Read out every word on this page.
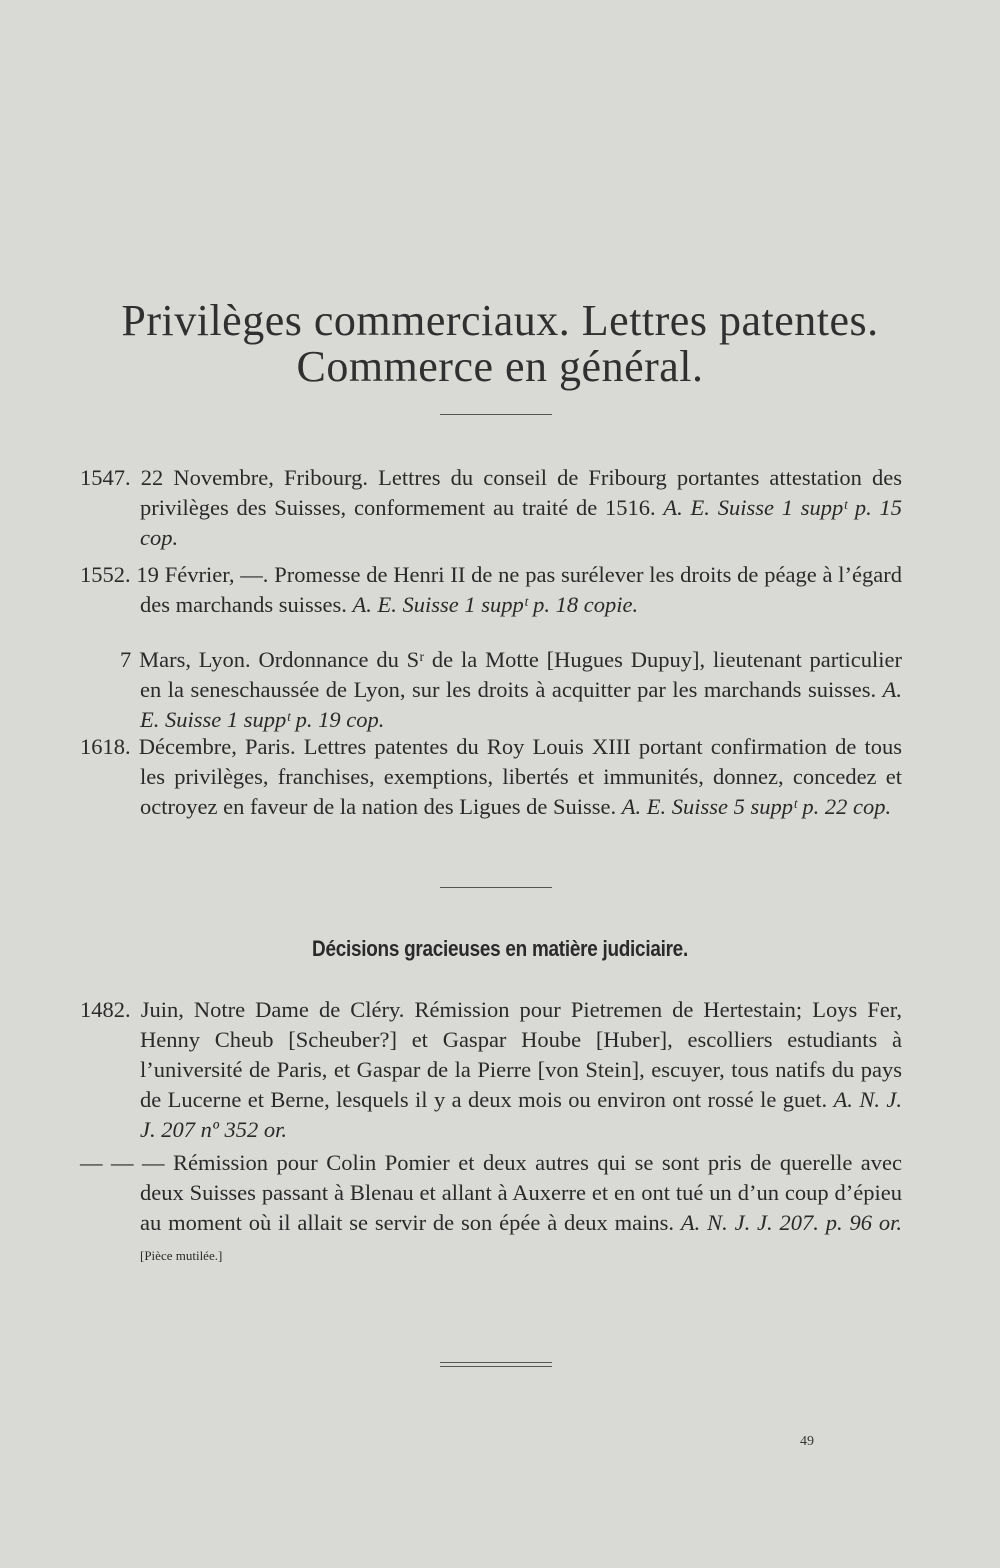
Privilèges commerciaux. Lettres patentes.
Commerce en général.
1547. 22 Novembre, Fribourg. Lettres du conseil de Fribourg portantes attestation des privilèges des Suisses, conformement au traité de 1516. A. E. Suisse 1 suppᵗ p. 15 cop.
1552. 19 Février, —. Promesse de Henri II de ne pas surélever les droits de péage à l’égard des marchands suisses. A. E. Suisse 1 suppᵗ p. 18 copie.
7 Mars, Lyon. Ordonnance du Sʳ de la Motte [Hugues Dupuy], lieutenant particulier en la seneschaussée de Lyon, sur les droits à acquitter par les marchands suisses. A. E. Suisse 1 suppᵗ p. 19 cop.
1618. Décembre, Paris. Lettres patentes du Roy Louis XIII portant confirmation de tous les privilèges, franchises, exemptions, libertés et immunités, donnez, concedez et octroyez en faveur de la nation des Ligues de Suisse. A. E. Suisse 5 suppᵗ p. 22 cop.
Décisions gracieuses en matière judiciaire.
1482. Juin, Notre Dame de Cléry. Rémission pour Pietremen de Hertestain; Loys Fer, Henny Cheub [Scheuber?] et Gaspar Hoube [Huber], escolliers estudiants à l’université de Paris, et Gaspar de la Pierre [von Stein], escuyer, tous natifs du pays de Lucerne et Berne, lesquels il y a deux mois ou environ ont rossé le guet. A. N. J. J. 207 nº 352 or.
— — — Rémission pour Colin Pomier et deux autres qui se sont pris de querelle avec deux Suisses passant à Blenau et allant à Auxerre et en ont tué un d’un coup d’épieu au moment où il allait se servir de son épée à deux mains. A. N. J. J. 207. p. 96 or. [Pièce mutilée.]
49
